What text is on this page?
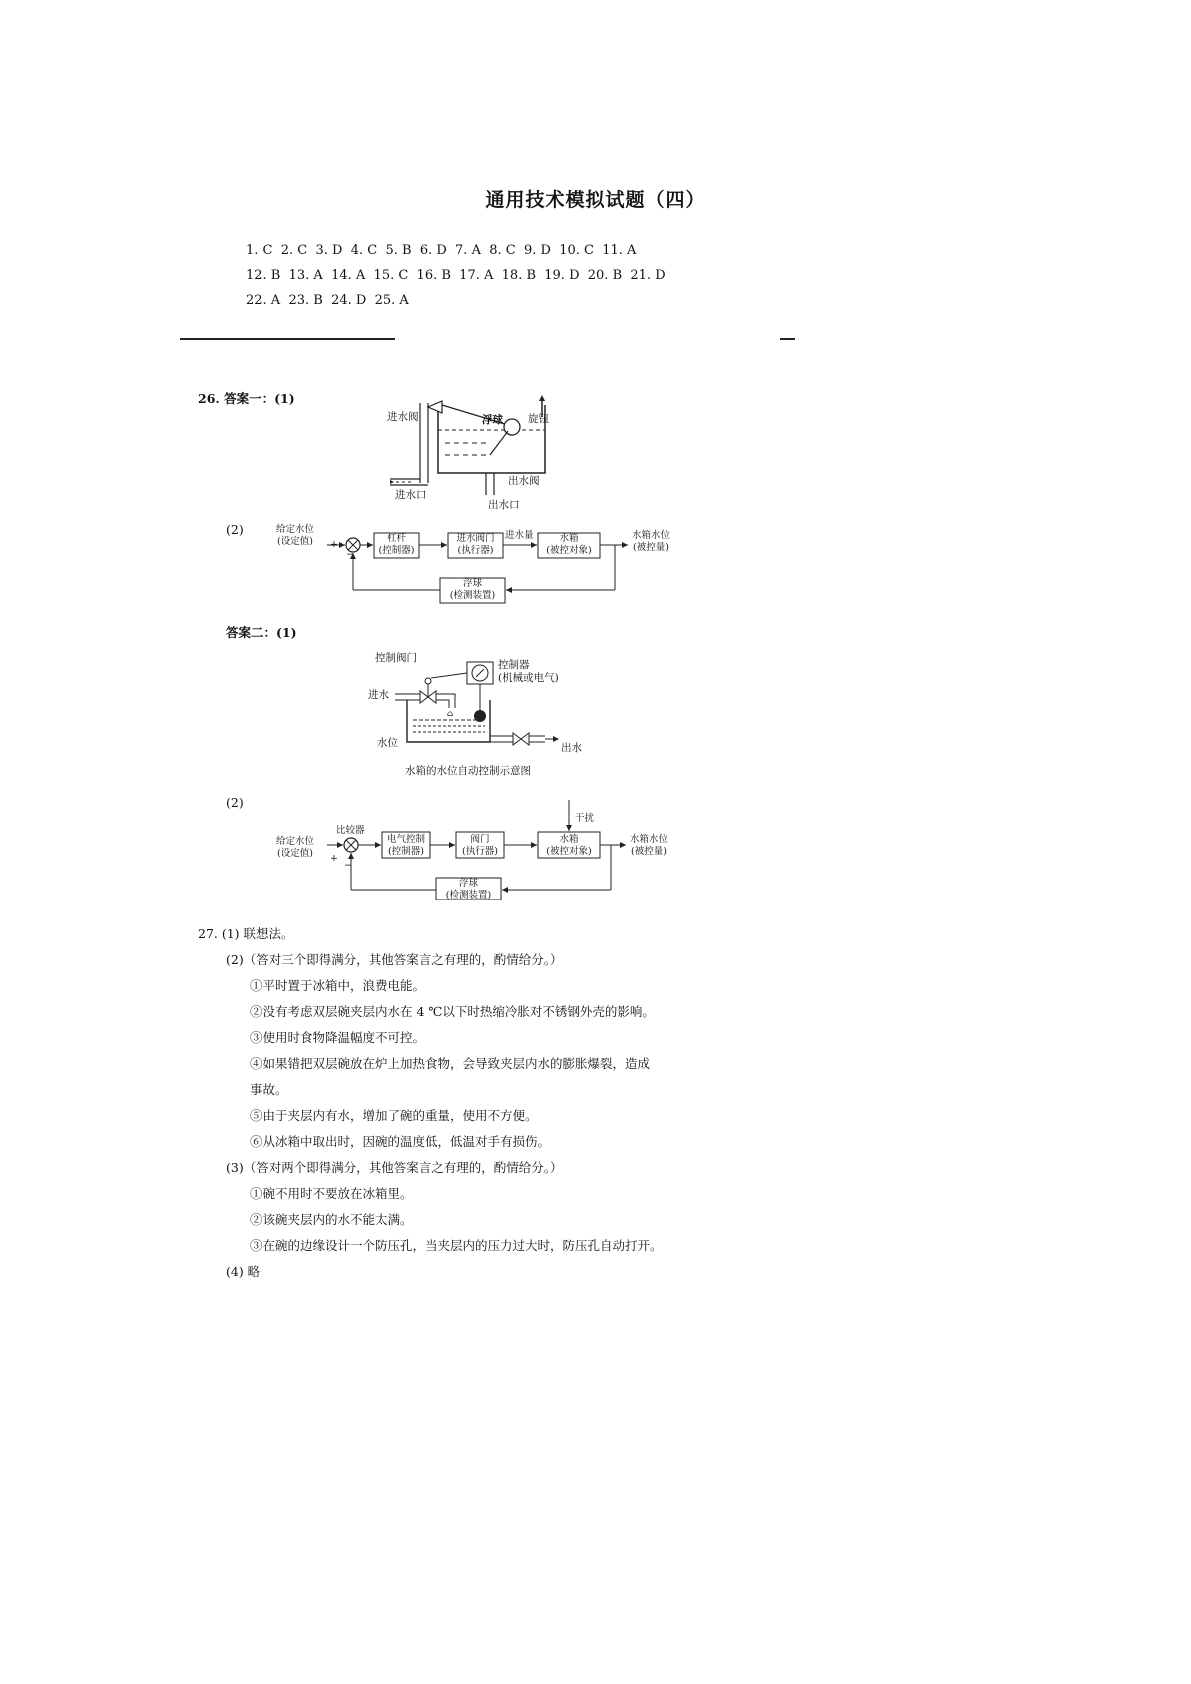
通用技术模拟试题（四）
1. C  2. C  3. D  4. C  5. B  6. D  7. A  8. C  9. D  10. C  11. A
12. B  13. A  14. A  15. C  16. B  17. A  18. B  19. D  20. B  21. D
22. A  23. B  24. D  25. A
26. 答案一：(1)
进水阀	浮球 旋钮
出水阀
进水口
出水口
(2)	给定水位
(设定值) +
−
杠杆
(控制器)
进水阀门
(执行器)
进水量	水箱
(被控对象)
水箱水位
(被控量)
浮球
(检测装置)
答案二：(1)
⌂
控制阀门
控制器
(机械或电气)
进水
水位	出水
水箱的水位自动控制示意图
(2)
比较器
干扰
给定水位
(设定值) +
−
电气控制
(控制器)
阀门
(执行器)
水箱
(被控对象)
水箱水位
(被控量)
浮球
(检测装置)
27. (1) 联想法。
(2)（答对三个即得满分，其他答案言之有理的，酌情给分。）
①平时置于冰箱中，浪费电能。
②没有考虑双层碗夹层内水在 4 ℃以下时热缩冷胀对不锈钢外壳的影响。
③使用时食物降温幅度不可控。
④如果错把双层碗放在炉上加热食物，会导致夹层内水的膨胀爆裂，造成
事故。
⑤由于夹层内有水，增加了碗的重量，使用不方便。
⑥从冰箱中取出时，因碗的温度低，低温对手有损伤。
(3)（答对两个即得满分，其他答案言之有理的，酌情给分。）
①碗不用时不要放在冰箱里。
②该碗夹层内的水不能太满。
③在碗的边缘设计一个防压孔，当夹层内的压力过大时，防压孔自动打开。
(4) 略
